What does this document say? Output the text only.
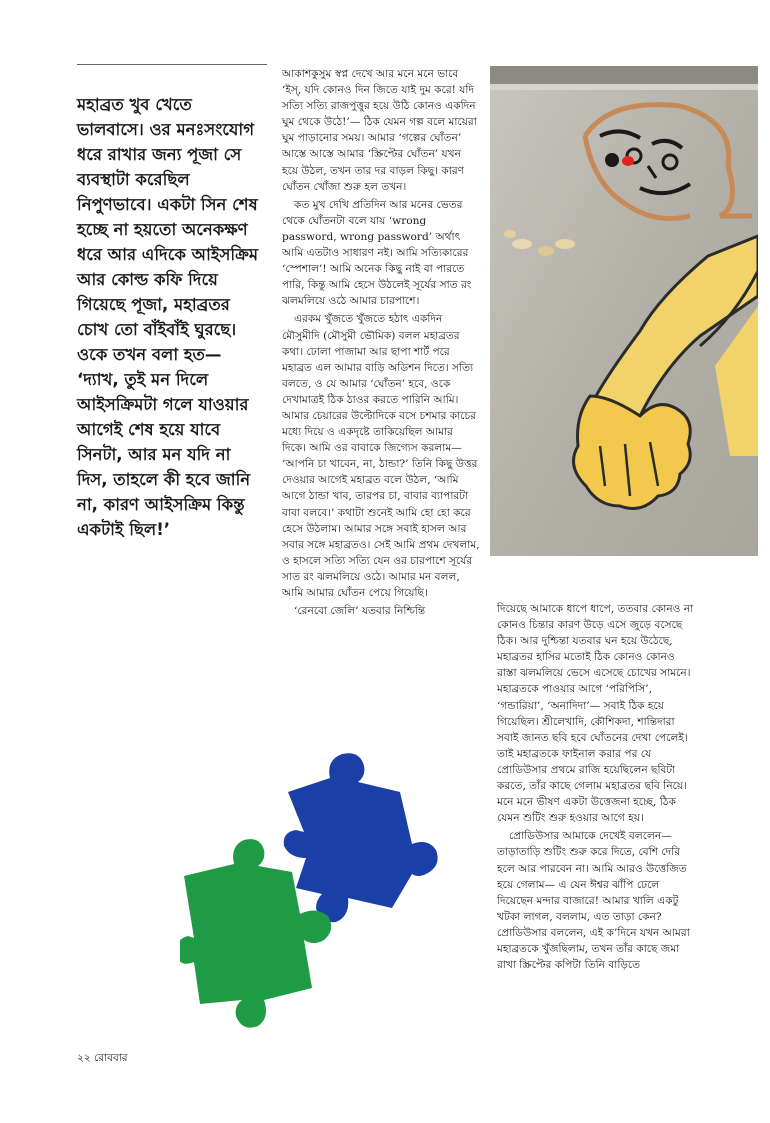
মহাব্রত খুব খেতে ভালবাসে। ওর মনঃসংযোগ ধরে রাখার জন্য পূজা সে ব্যবস্থাটা করেছিল নিপুণভাবে। একটা সিন শেষ হচ্ছে না হয়তো অনেকক্ষণ ধরে আর এদিকে আইসক্রিম আর কোল্ড কফি দিয়ে গিয়েছে পূজা, মহাব্রতর চোখ তো বাঁইবাঁই ঘুরছে। ওকে তখন বলা হত— ‘দ্যাখ, তুই মন দিলে আইসক্রিমটা গলে যাওয়ার আগেই শেষ হয়ে যাবে সিনটা, আর মন যদি না দিস, তাহলে কী হবে জানি না, কারণ আইসক্রিম কিন্তু একটাই ছিল!’

আকাশকুসুম স্বপ্ন দেখে আর মনে মনে ভাবে ‘ইস্‌, যদি কোনও দিন জিতে যাই দুম করে! যদি সত্যি সত্যি রাজপুত্তুর হয়ে উঠি কোনও একদিন ঘুম থেকে উঠে!’— ঠিক যেমন গল্প বলে মায়েরা ঘুম পাড়ানোর সময়। আমার ‘গল্পের ঘোঁতন’ আস্তে আস্তে আমার ‘স্ক্রিপ্টের ঘোঁতন’ যখন হয়ে উঠল, তখন তার দর বাড়ল কিছু। কারণ ঘোঁতন খোঁজা শুরু হল তখন।

কত মুখ দেখি প্রতিদিন আর মনের ভেতর থেকে ঘোঁতনটা বলে যায় ‘wrong password, wrong password’ অর্থাৎ আমি এতটাও সাধারণ নই। আমি সত্যিকারের ‘স্পেশাল’! আমি অনেক কিছু নাই বা পারতে পারি, কিন্তু আমি হেসে উঠলেই সূর্যের সাত রং ঝলমলিয়ে ওঠে আমার চারপাশে।

এরকম খুঁজতে খুঁজতে হঠাৎ একদিন মৌসুমীদি (মৌসুমী ভৌমিক) বলল মহাব্রতর কথা। ঢোলা পাজামা আর ছাপা শার্ট পরে মহাব্রত এল আমার বাড়ি অডিশন দিতে। সত্যি বলতে, ও যে আমার ‘ঘোঁতন’ হবে, ওকে দেখামাত্রই ঠিক ঠাওর করতে পারিনি আমি। আমার চেয়ারের উল্টোদিকে বসে চশমার কাচের মধ্যে দিয়ে ও একদৃষ্টে তাকিয়েছিল আমার দিকে। আমি ওর বাবাকে জিগ্যেস করলাম— ‘আপনি চা খাবেন, না, ঠান্ডা?’ তিনি কিছু উত্তর দেওয়ার আগেই মহাব্রত বলে উঠল, ‘আমি আগে ঠান্ডা খাব, তারপর চা, বাবার ব্যাপারটা বাবা বলবে।’ কথাটা শুনেই আমি হো হো করে হেসে উঠলাম। আমার সঙ্গে সবাই হাসল আর সবার সঙ্গে মহাব্রতও। সেই আমি প্রথম দেখলাম, ও হাসলে সত্যি সত্যি যেন ওর চারপাশে সূর্যের সাত রং ঝলমলিয়ে ওঠে। আমার মন বলল, আমি আমার ঘোঁতন পেয়ে গিয়েছি।

‘রেনবো জেলি’ যতবার নিশ্চিন্তি	দিয়েছে আমাকে ধাপে ধাপে, ততবার কোনও না কোনও চিন্তার কারণ উড়ে এসে জুড়ে বসেছে ঠিক। আর দুশ্চিন্তা যতবার ঘন হয়ে উঠেছে, মহাব্রতর হাসির মতোই ঠিক কোনও কোনও রাস্তা ঝলমলিয়ে ভেসে এসেছে চোখের সামনে। মহাব্রতকে পাওয়ার আগে ‘পরিপিসি’, ‘গন্ডারিয়া’, ‘অনাদিদা’— সবাই ঠিক হয়ে গিয়েছিল। শ্রীলেখাদি, কৌশিকদা, শান্তিদারা সবাই জানত ছবি হবে ঘোঁতনের দেখা পেলেই। তাই মহাব্রতকে ফাইনাল করার পর যে প্রোডিউসার প্রথমে রাজি হয়েছিলেন ছবিটা করতে, তাঁর কাছে গেলাম মহাব্রতর ছবি নিয়ে। মনে মনে ভীষণ একটা উত্তেজনা হচ্ছে, ঠিক যেমন শুটিং শুরু হওয়ার আগে হয়।

প্রোডিউসার আমাকে দেখেই বললেন— তাড়াতাড়ি শুটিং শুরু করে দিতে, বেশি দেরি হলে আর পারবেন না। আমি আরও উত্তেজিত হয়ে গেলাম— এ যেন ঈশ্বর ঝাঁপি ঢেলে দিয়েছেন মন্দার বাজারে! আমার খালি একটু খটকা লাগল, বললাম, এত তাড়া কেন? প্রোডিউসার বললেন, এই ক’দিনে যখন আমরা মহাব্রতকে খুঁজছিলাম, তখন তাঁর কাছে জমা রাখা স্ক্রিপ্টের কপিটা তিনি বাড়িতে

২২ রোববার
